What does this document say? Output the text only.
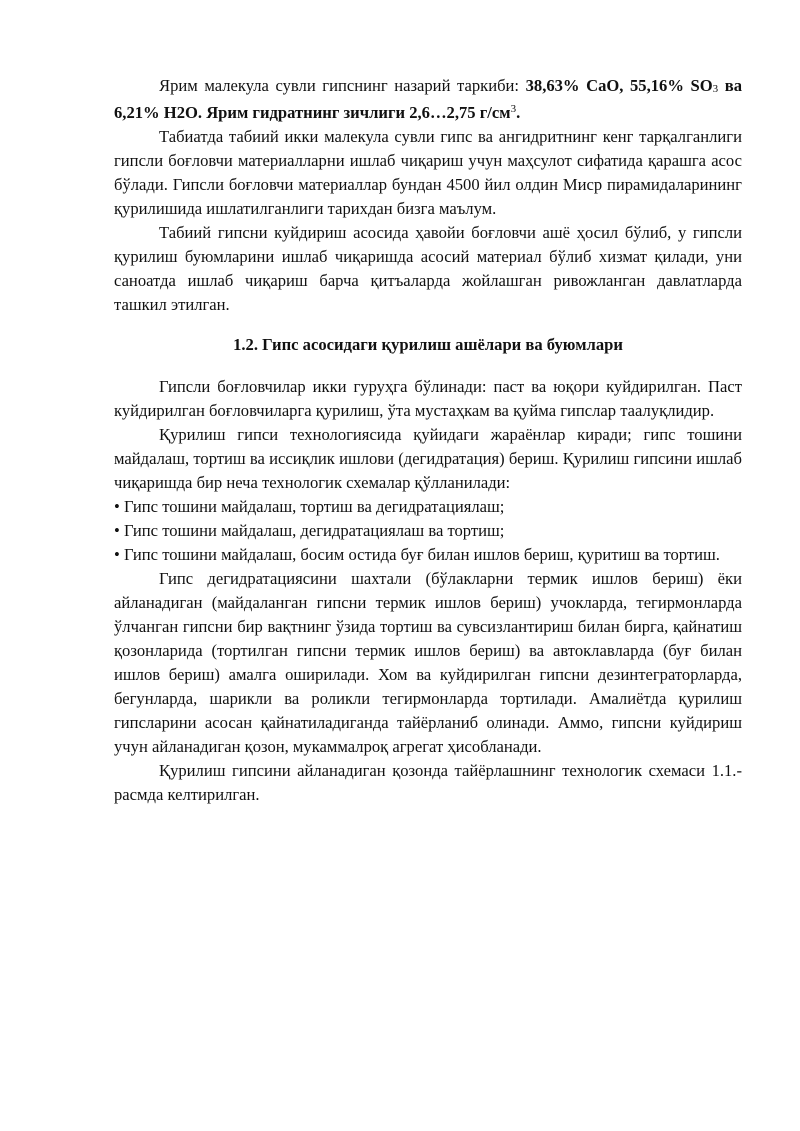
Ярим малекула сувли гипснинг назарий таркиби: 38,63% CaO, 55,16% $SO_3$ ва 6,21% H2O. Ярим гидратнинг зичлиги 2,6…2,75 $г/см^3$.

Табиатда табиий икки малекула сувли гипс ва ангидритнинг кенг тарқалганлиги гипсли боғловчи материалларни ишлаб чиқариш учун маҳсулот сифатида қарашга асос бўлади. Гипсли боғловчи материаллар бундан 4500 йил олдин Миср пирамидаларининг қурилишида ишлатилганлиги тарихдан бизга маълум.

Табиий гипсни куйдириш асосида ҳавойи боғловчи ашё ҳосил бўлиб, у гипсли қурилиш буюмларини ишлаб чиқаришда асосий материал бўлиб хизмат қилади, уни саноатда ишлаб чиқариш барча қитъаларда жойлашган ривожланган давлатларда ташкил этилган.

1.2. Гипс асосидаги қурилиш ашёлари ва буюмлари

Гипсли боғловчилар икки гуруҳга бўлинади: паст ва юқори куйдирилган. Паст куйдирилган боғловчиларга қурилиш, ўта мустаҳкам ва қуйма гипслар таалуқлидир.

Қурилиш гипси технологиясида қуйидаги жараёнлар киради; гипс тошини майдалаш, тортиш ва иссиқлик ишлови (дегидратация) бериш. Қурилиш гипсини ишлаб чиқаришда бир неча технологик схемалар қўлланилади:

• Гипс тошини майдалаш, тортиш ва дегидратациялаш;

• Гипс тошини майдалаш, дегидратациялаш ва тортиш;

• Гипс тошини майдалаш, босим остида буғ билан ишлов бериш, қуритиш ва тортиш.

Гипс дегидратациясини шахтали (бўлакларни термик ишлов бериш) ёки айланадиган (майдаланган гипсни термик ишлов бериш) учокларда, тегирмонларда ўлчанган гипсни бир вақтнинг ўзида тортиш ва сувсизлантириш билан бирга, қайнатиш қозонларида (тортилган гипсни термик ишлов бериш) ва автоклавларда (буғ билан ишлов бериш) амалга оширилади. Хом ва куйдирилган гипсни дезинтеграторларда, бегунларда, шарикли ва роликли тегирмонларда тортилади. Амалиётда қурилиш гипсларини асосан қайнатиладиганда тайёрланиб олинади. Аммо, гипсни куйдириш учун айланадиган қозон, мукаммалроқ агрегат ҳисобланади.

Қурилиш гипсини айланадиган қозонда тайёрлашнинг технологик схемаси 1.1.- расмда келтирилган.
